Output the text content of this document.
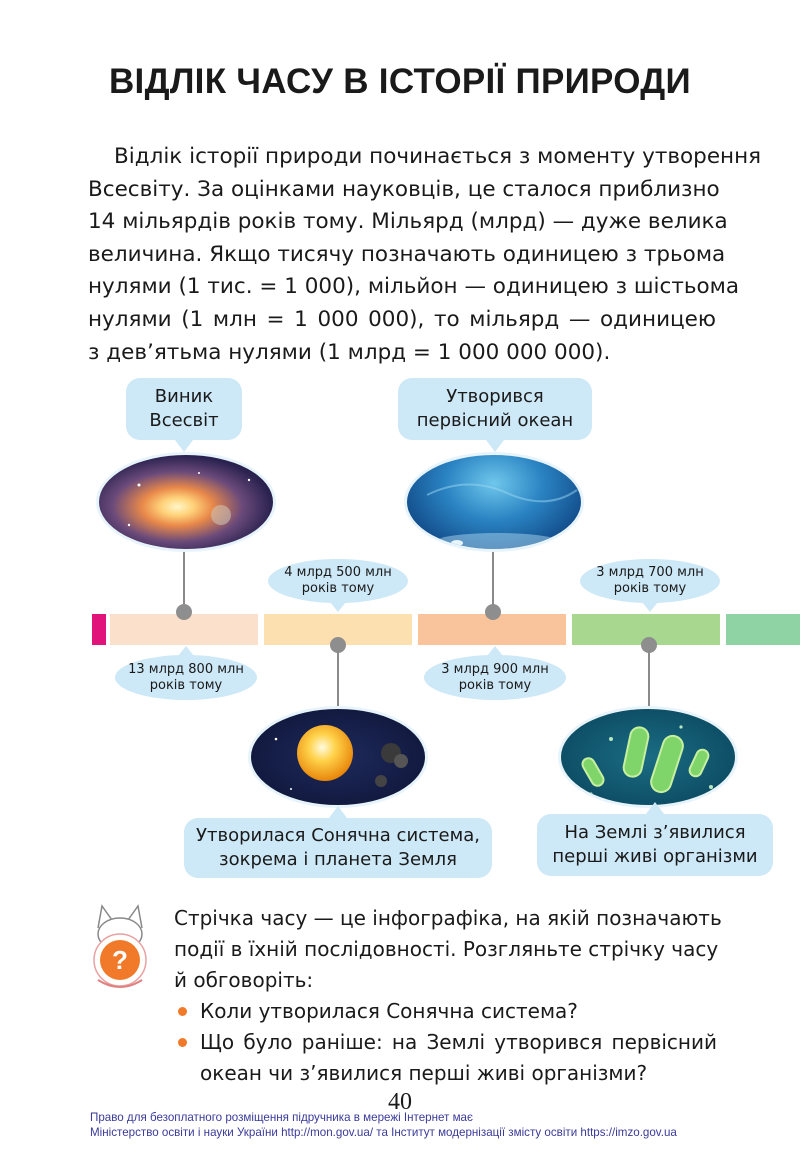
ВІДЛІК ЧАСУ В ІСТОРІЇ ПРИРОДИ
Відлік історії природи починається з моменту утворення
Всесвіту. За оцінками науковців, це сталося приблизно
14 мільярдів років тому. Мільярд (млрд) — дуже велика
величина. Якщо тисячу позначають одиницею з трьома
нулями (1 тис. = 1 000), мільйон — одиницею з шістьома
нулями (1 млн = 1 000 000), то мільярд — одиницею
з дев’ятьма нулями (1 млрд = 1 000 000 000).
Виник
Всесвіт
13 млрд 800 млн
років тому
4 млрд 500 млн
років тому
Утворилася Сонячна система,
зокрема і планета Земля
Утворився
первісний океан
3 млрд 900 млн
років тому
3 млрд 700 млн
років тому
На Землі з’явилися
перші живі організми
?
Стрічка часу — це інфографіка, на якій позначають
події в їхній послідовності. Розгляньте стрічку часу
й обговоріть:
Коли утворилася Сонячна система?
Що було раніше: на Землі утворився первісний
океан чи з’явилися перші живі організми?
40
Право для безоплатного розміщення підручника в мережі Інтернет має
Міністерство освіти і науки України http://mon.gov.ua/ та Інститут модернізації змісту освіти https://imzo.gov.ua
